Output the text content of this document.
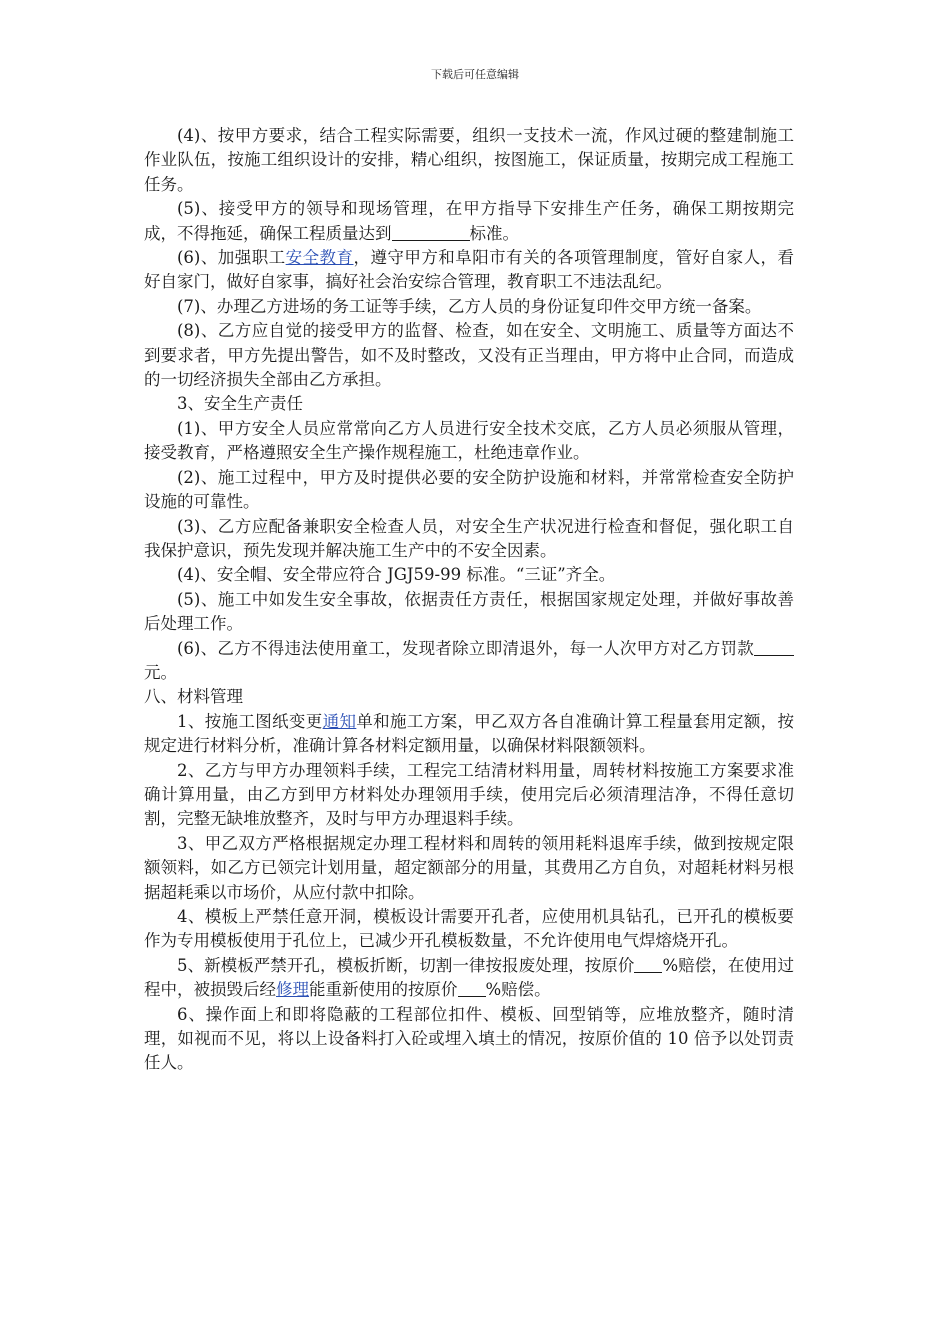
下载后可任意编辑

(4)、按甲方要求，结合工程实际需要，组织一支技术一流，作风过硬的整建制施工作业队伍，按施工组织设计的安排，精心组织，按图施工，保证质量，按期完成工程施工任务。

(5)、接受甲方的领导和现场管理，在甲方指导下安排生产任务，确保工期按期完成，不得拖延，确保工程质量达到	标准。

(6)、加强职工安全教育，遵守甲方和阜阳市有关的各项管理制度，管好自家人，看好自家门，做好自家事，搞好社会治安综合管理，教育职工不违法乱纪。

(7)、办理乙方进场的务工证等手续，乙方人员的身份证复印件交甲方统一备案。

(8)、乙方应自觉的接受甲方的监督、检查，如在安全、文明施工、质量等方面达不到要求者，甲方先提出警告，如不及时整改，又没有正当理由，甲方将中止合同，而造成的一切经济损失全部由乙方承担。

3、安全生产责任

(1)、甲方安全人员应常常向乙方人员进行安全技术交底，乙方人员必须服从管理，接受教育，严格遵照安全生产操作规程施工，杜绝违章作业。

(2)、施工过程中，甲方及时提供必要的安全防护设施和材料，并常常检查安全防护设施的可靠性。

(3)、乙方应配备兼职安全检查人员，对安全生产状况进行检查和督促，强化职工自我保护意识，预先发现并解决施工生产中的不安全因素。

(4)、安全帽、安全带应符合 JGJ59-99 标准。“三证”齐全。

(5)、施工中如发生安全事故，依据责任方责任，根据国家规定处理，并做好事故善后处理工作。

(6)、乙方不得违法使用童工，发现者除立即清退外，每一人次甲方对乙方罚款元。

八、材料管理

1、按施工图纸变更通知单和施工方案，甲乙双方各自准确计算工程量套用定额，按规定进行材料分析，准确计算各材料定额用量，以确保材料限额领料。

2、乙方与甲方办理领料手续，工程完工结清材料用量，周转材料按施工方案要求准确计算用量，由乙方到甲方材料处办理领用手续，使用完后必须清理洁净，不得任意切割，完整无缺堆放整齐，及时与甲方办理退料手续。

3、甲乙双方严格根据规定办理工程材料和周转的领用耗料退库手续，做到按规定限额领料，如乙方已领完计划用量，超定额部分的用量，其费用乙方自负，对超耗材料另根据超耗乘以市场价，从应付款中扣除。

4、模板上严禁任意开洞，模板设计需要开孔者，应使用机具钻孔，已开孔的模板要作为专用模板使用于孔位上，已减少开孔模板数量，不允许使用电气焊熔烧开孔。

5、新模板严禁开孔，模板折断，切割一律按报废处理，按原价 %赔偿，在使用过程中，被损毁后经修理能重新使用的按原价 %赔偿。

6、操作面上和即将隐蔽的工程部位扣件、模板、回型销等，应堆放整齐，随时清理，如视而不见，将以上设备料打入砼或埋入填土的情况，按原价值的 10 倍予以处罚责任人。
